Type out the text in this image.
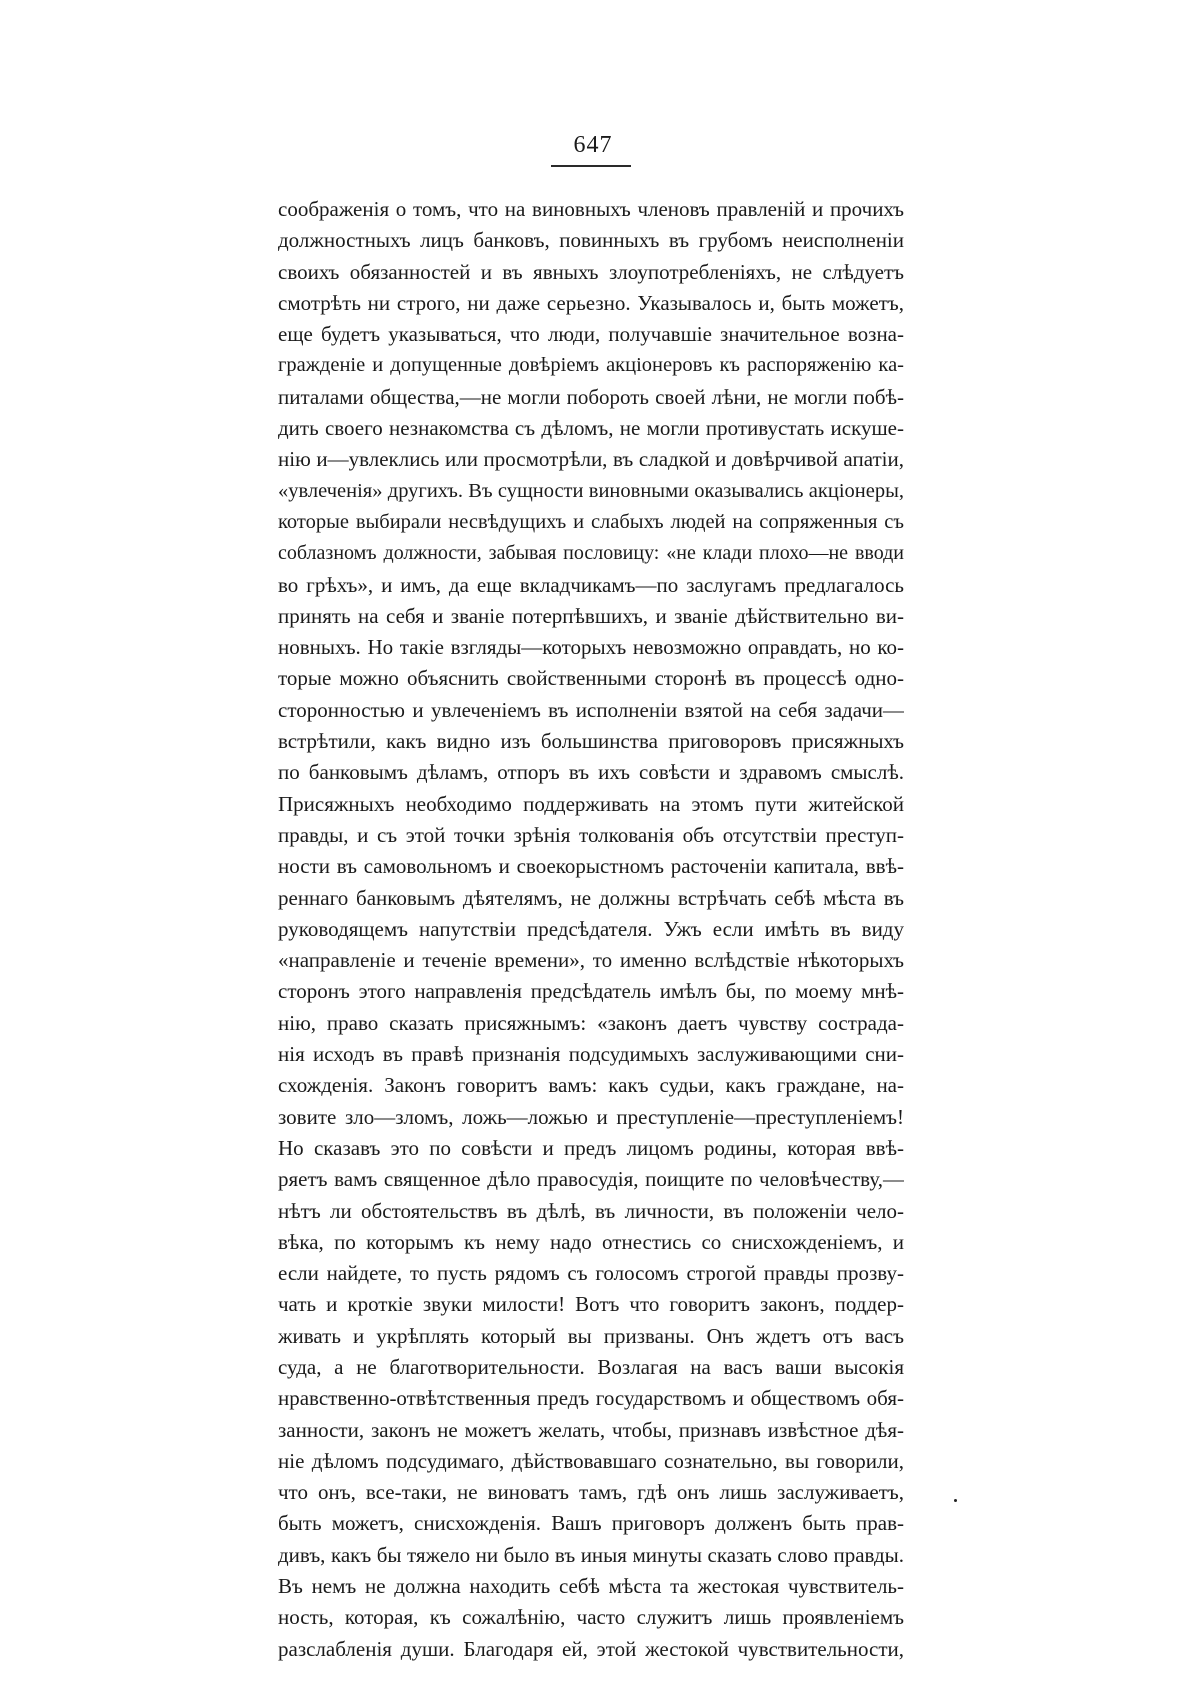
647
соображенія о томъ, что на виновныхъ членовъ правленій и прочихъ
должностныхъ лицъ банковъ, повинныхъ въ грубомъ неисполненіи
своихъ обязанностей и въ явныхъ злоупотребленіяхъ, не слѣдуетъ
смотрѣть ни строго, ни даже серьезно. Указывалось и, быть можетъ,
еще будетъ указываться, что люди, получавшіе значительное возна-
гражденіе и допущенные довѣріемъ акціонеровъ къ распоряженію ка-
питалами общества,—не могли побороть своей лѣни, не могли побѣ-
дить своего незнакомства съ дѣломъ, не могли противустать искуше-
нію и—увлеклись или просмотрѣли, въ сладкой и довѣрчивой апатіи,
«увлеченія» другихъ. Въ сущности виновными оказывались акціонеры,
которые выбирали несвѣдущихъ и слабыхъ людей на сопряженныя съ
соблазномъ должности, забывая пословицу: «не клади плохо—не вводи
во грѣхъ», и имъ, да еще вкладчикамъ—по заслугамъ предлагалось
принять на себя и званіе потерпѣвшихъ, и званіе дѣйствительно ви-
новныхъ. Но такіе взгляды—которыхъ невозможно оправдать, но ко-
торые можно объяснить свойственными сторонѣ въ процессѣ одно-
сторонностью и увлеченіемъ въ исполненіи взятой на себя задачи—
встрѣтили, какъ видно изъ большинства приговоровъ присяжныхъ
по банковымъ дѣламъ, отпоръ въ ихъ совѣсти и здравомъ смыслѣ.
Присяжныхъ необходимо поддерживать на этомъ пути житейской
правды, и съ этой точки зрѣнія толкованія объ отсутствіи преступ-
ности въ самовольномъ и своекорыстномъ расточеніи капитала, ввѣ-
реннаго банковымъ дѣятелямъ, не должны встрѣчать себѣ мѣста въ
руководящемъ напутствіи предсѣдателя. Ужъ если имѣть въ виду
«направленіе и теченіе времени», то именно вслѣдствіе нѣкоторыхъ
сторонъ этого направленія предсѣдатель имѣлъ бы, по моему мнѣ-
нію, право сказать присяжнымъ: «законъ даетъ чувству сострада-
нія исходъ въ правѣ признанія подсудимыхъ заслуживающими сни-
схожденія. Законъ говоритъ вамъ: какъ судьи, какъ граждане, на-
зовите зло—зломъ, ложь—ложью и преступленіе—преступленіемъ!
Но сказавъ это по совѣсти и предъ лицомъ родины, которая ввѣ-
ряетъ вамъ священное дѣло правосудія, поищите по человѣчеству,—
нѣтъ ли обстоятельствъ въ дѣлѣ, въ личности, въ положеніи чело-
вѣка, по которымъ къ нему надо отнестись со снисхожденіемъ, и
если найдете, то пусть рядомъ съ голосомъ строгой правды прозву-
чать и кроткіе звуки милости! Вотъ что говоритъ законъ, поддер-
живать и укрѣплять который вы призваны. Онъ ждетъ отъ васъ
суда, а не благотворительности. Возлагая на васъ ваши высокія
нравственно-отвѣтственныя предъ государствомъ и обществомъ обя-
занности, законъ не можетъ желать, чтобы, признавъ извѣстное дѣя-
ніе дѣломъ подсудимаго, дѣйствовавшаго сознательно, вы говорили,
что онъ, все-таки, не виноватъ тамъ, гдѣ онъ лишь заслуживаетъ,
быть можетъ, снисхожденія. Вашъ приговоръ долженъ быть прав-
дивъ, какъ бы тяжело ни было въ иныя минуты сказать слово правды.
Въ немъ не должна находить себѣ мѣста та жестокая чувствитель-
ность, которая, къ сожалѣнію, часто служитъ лишь проявленіемъ
разслабленія души. Благодаря ей, этой жестокой чувствительности,
